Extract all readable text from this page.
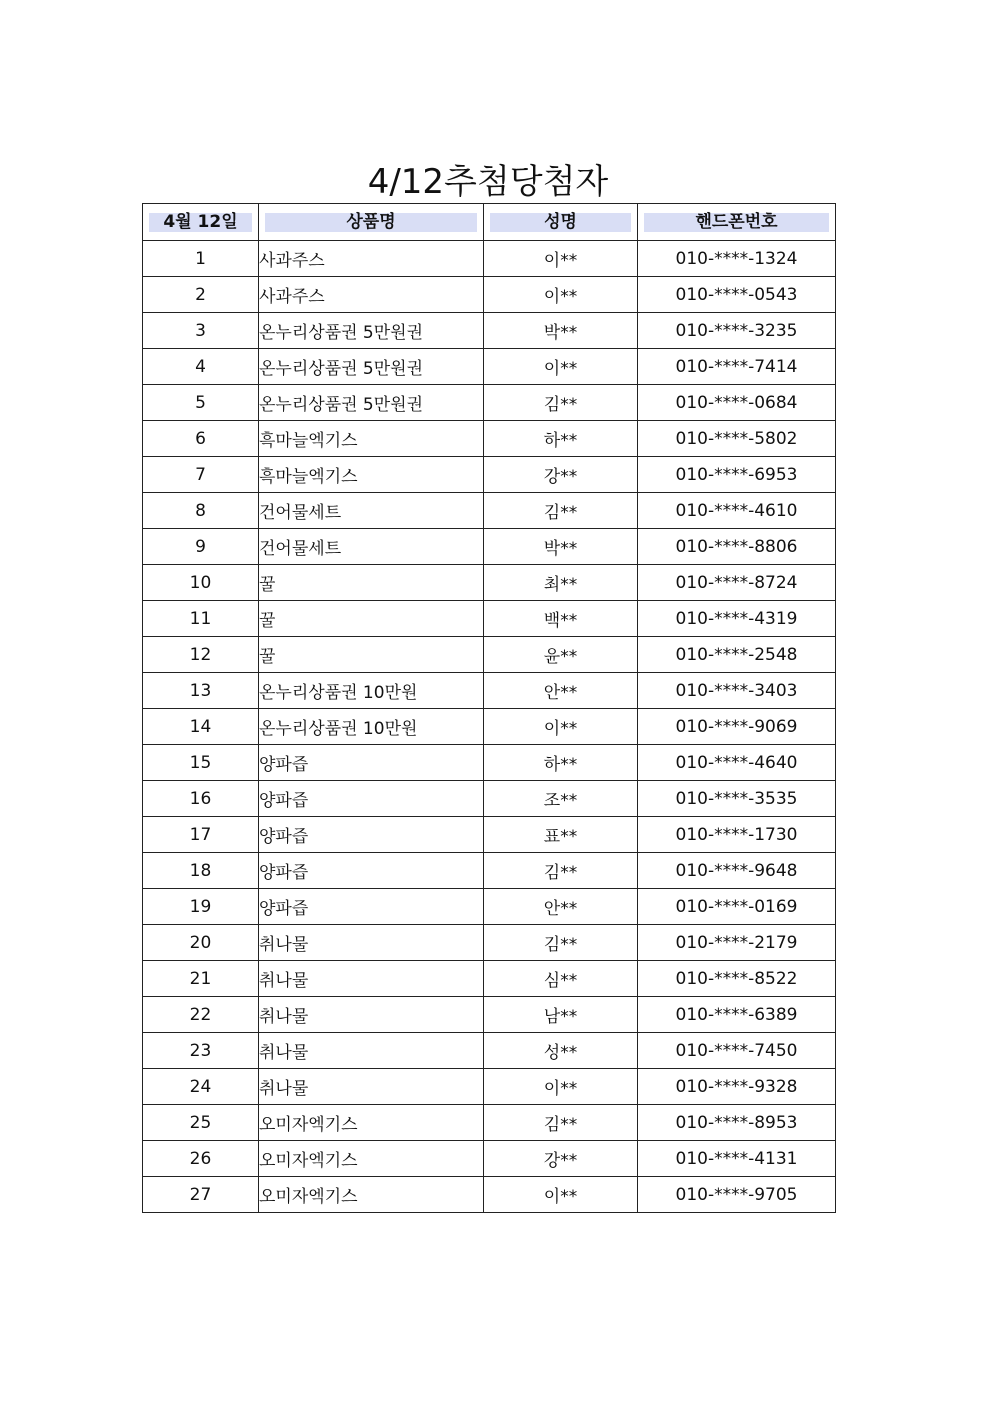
4/12추첨당첨자
4월 12일	상품명	성명	핸드폰번호

1	사과주스	이**	010-****-1324
2	사과주스	이**	010-****-0543
3	온누리상품권 5만원권	박**	010-****-3235
4	온누리상품권 5만원권	이**	010-****-7414
5	온누리상품권 5만원권	김**	010-****-0684
6	흑마늘엑기스	하**	010-****-5802
7	흑마늘엑기스	강**	010-****-6953
8	건어물세트	김**	010-****-4610
9	건어물세트	박**	010-****-8806
10	꿀	최**	010-****-8724
11	꿀	백**	010-****-4319
12	꿀	윤**	010-****-2548
13	온누리상품권 10만원	안**	010-****-3403
14	온누리상품권 10만원	이**	010-****-9069
15	양파즙	하**	010-****-4640
16	양파즙	조**	010-****-3535
17	양파즙	표**	010-****-1730
18	양파즙	김**	010-****-9648
19	양파즙	안**	010-****-0169
20	취나물	김**	010-****-2179
21	취나물	심**	010-****-8522
22	취나물	남**	010-****-6389
23	취나물	성**	010-****-7450
24	취나물	이**	010-****-9328
25	오미자엑기스	김**	010-****-8953
26	오미자엑기스	강**	010-****-4131
27	오미자엑기스	이**	010-****-9705
